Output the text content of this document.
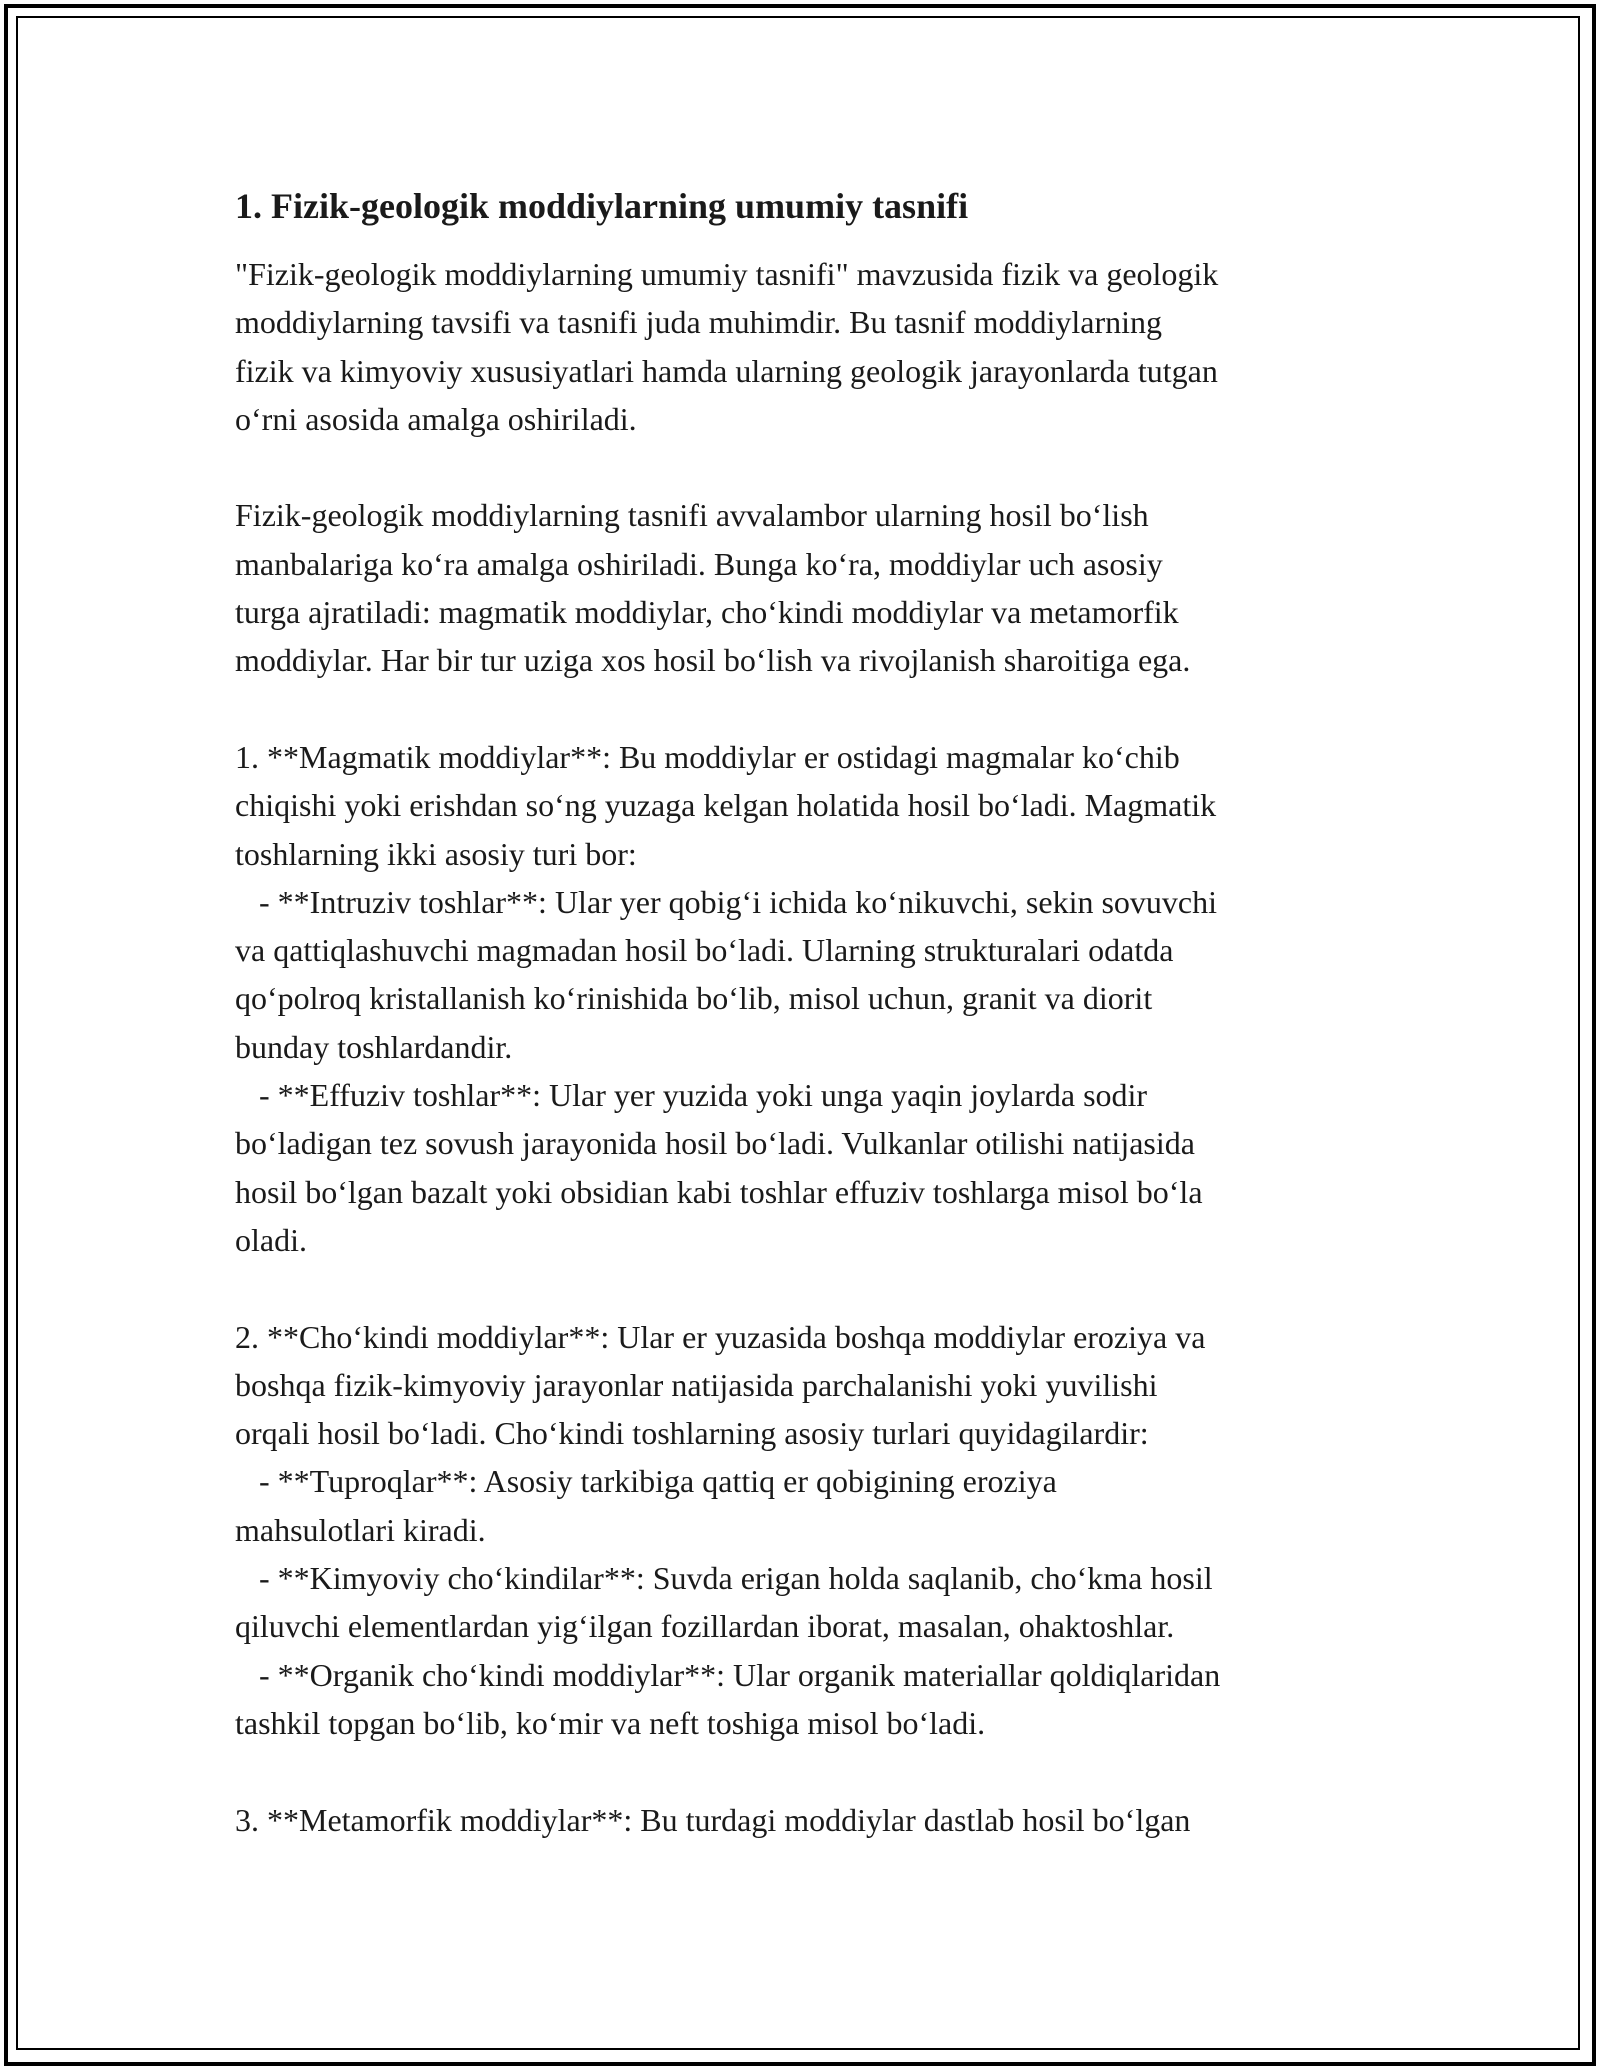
1. Fizik-geologik moddiylarning umumiy tasnifi
"Fizik-geologik moddiylarning umumiy tasnifi" mavzusida fizik va geologik
moddiylarning tavsifi va tasnifi juda muhimdir. Bu tasnif moddiylarning
fizik va kimyoviy xususiyatlari hamda ularning geologik jarayonlarda tutgan
o‘rni asosida amalga oshiriladi.
Fizik-geologik moddiylarning tasnifi avvalambor ularning hosil bo‘lish
manbalariga ko‘ra amalga oshiriladi. Bunga ko‘ra, moddiylar uch asosiy
turga ajratiladi: magmatik moddiylar, cho‘kindi moddiylar va metamorfik
moddiylar. Har bir tur uziga xos hosil bo‘lish va rivojlanish sharoitiga ega.
1. **Magmatik moddiylar**: Bu moddiylar er ostidagi magmalar ko‘chib
chiqishi yoki erishdan so‘ng yuzaga kelgan holatida hosil bo‘ladi. Magmatik
toshlarning ikki asosiy turi bor:
- **Intruziv toshlar**: Ular yer qobig‘i ichida ko‘nikuvchi, sekin sovuvchi
va qattiqlashuvchi magmadan hosil bo‘ladi. Ularning strukturalari odatda
qo‘polroq kristallanish ko‘rinishida bo‘lib, misol uchun, granit va diorit
bunday toshlardandir.
- **Effuziv toshlar**: Ular yer yuzida yoki unga yaqin joylarda sodir
bo‘ladigan tez sovush jarayonida hosil bo‘ladi. Vulkanlar otilishi natijasida
hosil bo‘lgan bazalt yoki obsidian kabi toshlar effuziv toshlarga misol bo‘la
oladi.
2. **Cho‘kindi moddiylar**: Ular er yuzasida boshqa moddiylar eroziya va
boshqa fizik-kimyoviy jarayonlar natijasida parchalanishi yoki yuvilishi
orqali hosil bo‘ladi. Cho‘kindi toshlarning asosiy turlari quyidagilardir:
- **Tuproqlar**: Asosiy tarkibiga qattiq er qobigining eroziya
mahsulotlari kiradi.
- **Kimyoviy cho‘kindilar**: Suvda erigan holda saqlanib, cho‘kma hosil
qiluvchi elementlardan yig‘ilgan fozillardan iborat, masalan, ohaktoshlar.
- **Organik cho‘kindi moddiylar**: Ular organik materiallar qoldiqlaridan
tashkil topgan bo‘lib, ko‘mir va neft toshiga misol bo‘ladi.
3. **Metamorfik moddiylar**: Bu turdagi moddiylar dastlab hosil bo‘lgan
